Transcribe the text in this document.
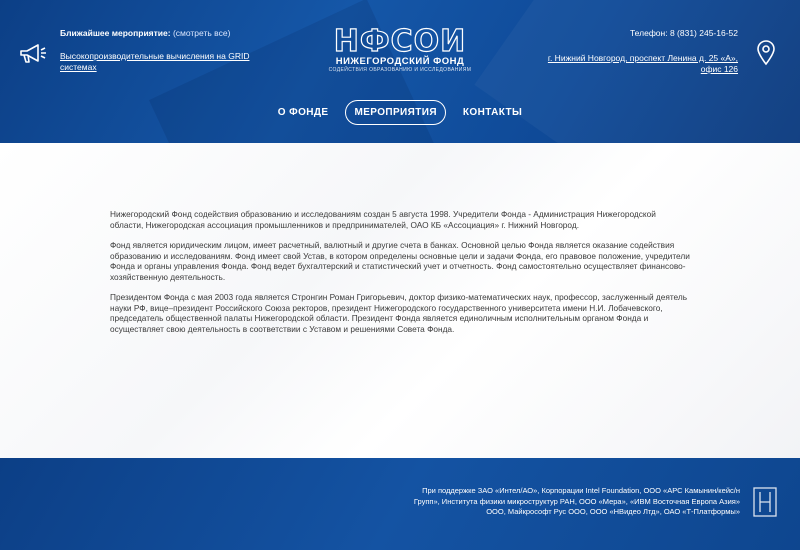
Ближайшее мероприятие: (смотреть все)
Высокопроизводительные вычисления на GRID системах
НФСОИ
НИЖЕГОРОДСКИЙ ФОНД
СОДЕЙСТВИЯ ОБРАЗОВАНИЮ И ИССЛЕДОВАНИЯМ
Телефон: 8 (831) 245-16-52
г. Нижний Новгород, проспект Ленина д. 25 «А», офис 126
О ФОНДЕ	МЕРОПРИЯТИЯ	КОНТАКТЫ

Нижегородский Фонд содействия образованию и исследованиям создан 5 августа 1998. Учредители Фонда - Администрация Нижегородской области, Нижегородская ассоциация промышленников и предпринимателей, ОАО КБ «Ассоциация» г. Нижний Новгород.

Фонд является юридическим лицом, имеет расчетный, валютный и другие счета в банках. Основной целью Фонда является оказание содействия образованию и исследованиям. Фонд имеет свой Устав, в котором определены основные цели и задачи Фонда, его правовое положение, учредители Фонда и органы управления Фонда. Фонд ведет бухгалтерский и статистический учет и отчетность. Фонд самостоятельно осуществляет финансово-хозяйственную деятельность.

Президентом Фонда с мая 2003 года является Стронгин Роман Григорьевич, доктор физико-математических наук, профессор, заслуженный деятель науки РФ, вице–президент Российского Союза ректоров, президент Нижегородского государственного университета имени Н.И. Лобачевского, председатель общественной палаты Нижегородской области. Президент Фонда является единоличным исполнительным органом Фонда и осуществляет свою деятельность в соответствии с Уставом и решениями Совета Фонда.

При поддержке ЗАО «Интел/АО», Корпорации Intel Foundation, ООО «АРС Камынин/кейс/н Групп», Института физики микроструктур РАН, ООО «Мера», «ИВМ Восточная Европа Азия» ООО, Майкрософт Рус ООО, ООО «НВидео Лтд», ОАО «Т-Платформы»
